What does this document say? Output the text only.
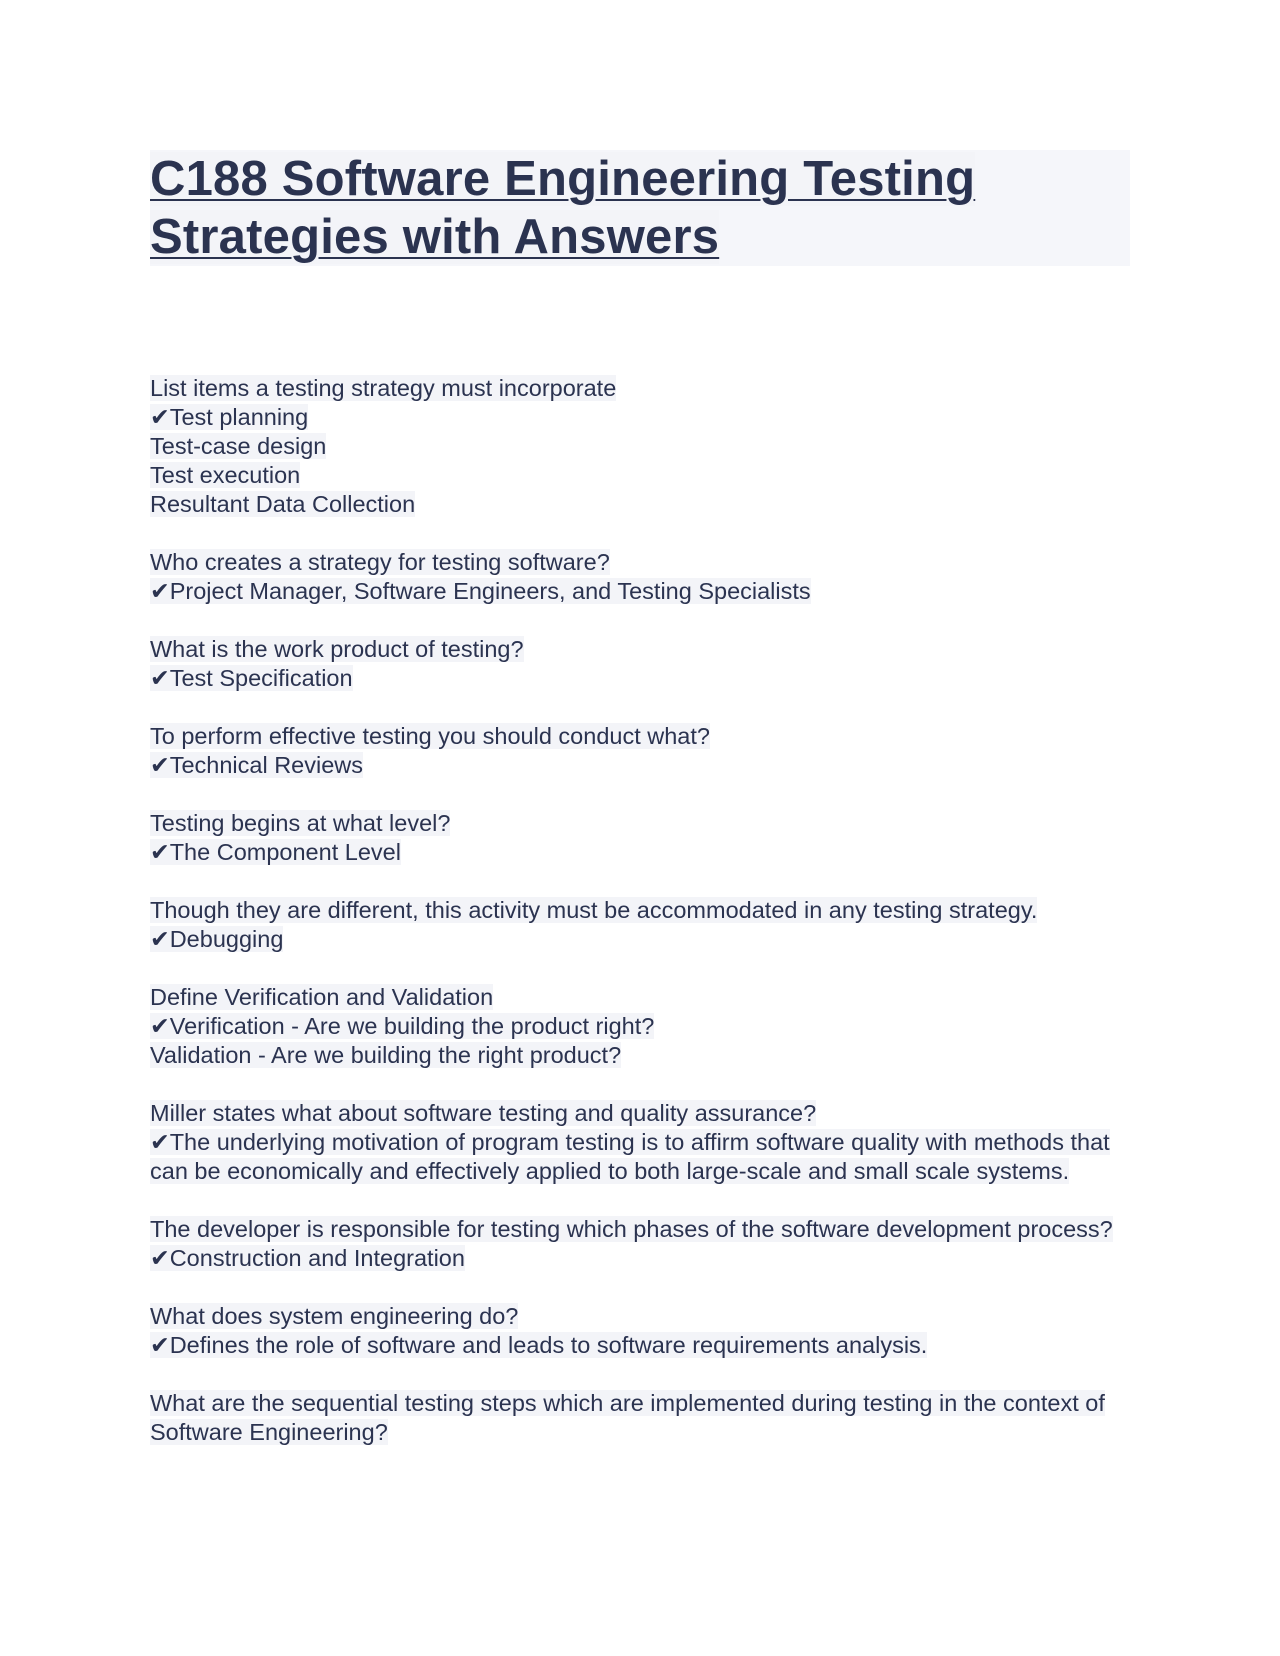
C188 Software Engineering Testing Strategies with Answers
List items a testing strategy must incorporate
✔Test planning
Test-case design
Test execution
Resultant Data Collection
Who creates a strategy for testing software?
✔Project Manager, Software Engineers, and Testing Specialists
What is the work product of testing?
✔Test Specification
To perform effective testing you should conduct what?
✔Technical Reviews
Testing begins at what level?
✔The Component Level
Though they are different, this activity must be accommodated in any testing strategy.
✔Debugging
Define Verification and Validation
✔Verification - Are we building the product right?
Validation - Are we building the right product?
Miller states what about software testing and quality assurance?
✔The underlying motivation of program testing is to affirm software quality with methods that can be economically and effectively applied to both large-scale and small scale systems.
The developer is responsible for testing which phases of the software development process?
✔Construction and Integration
What does system engineering do?
✔Defines the role of software and leads to software requirements analysis.
What are the sequential testing steps which are implemented during testing in the context of Software Engineering?
